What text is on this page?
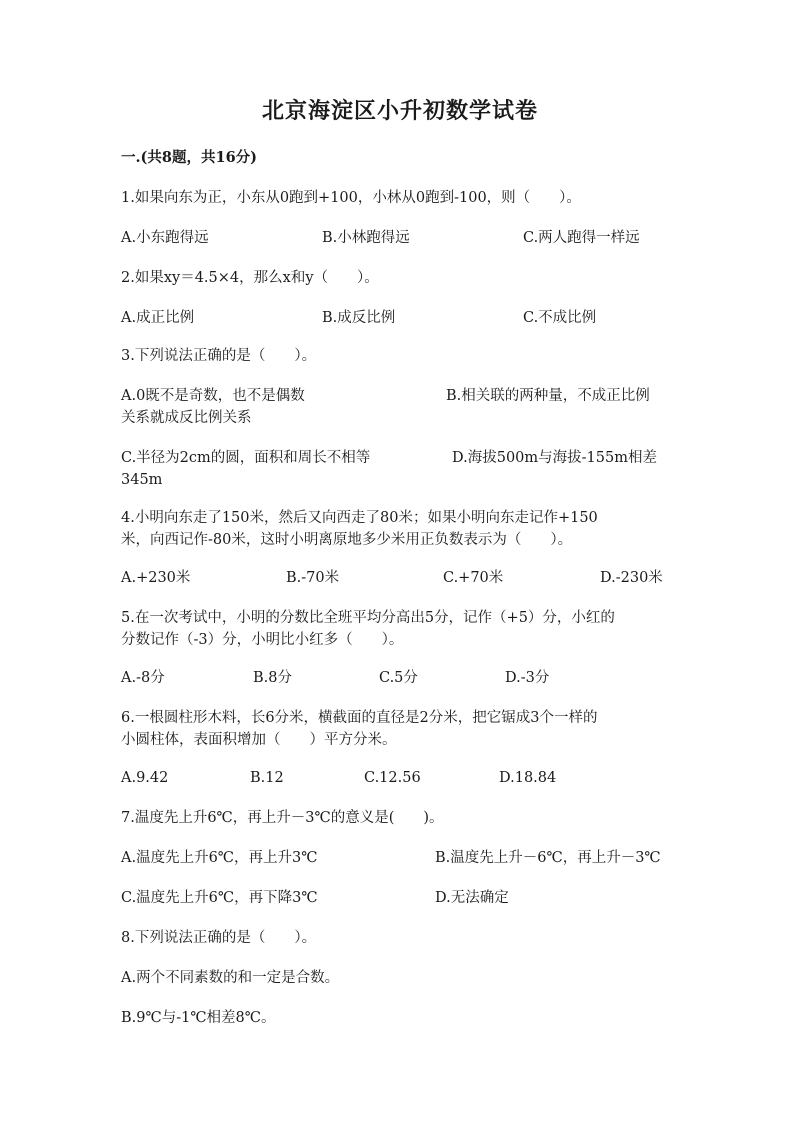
北京海淀区小升初数学试卷
一.(共8题，共16分)
1.如果向东为正，小东从0跑到+100，小林从0跑到-100，则（　　）。
A.小东跑得远	B.小林跑得远	C.两人跑得一样远
2.如果xy＝4.5×4，那么x和y（　　）。
A.成正比例	B.成反比例	C.不成比例
3.下列说法正确的是（　　）。
A.0既不是奇数，也不是偶数	B.相关联的两种量，不成正比例
关系就成反比例关系
C.半径为2cm的圆，面积和周长不相等	D.海拔500m与海拔-155m相差
345m
4.小明向东走了150米，然后又向西走了80米；如果小明向东走记作+150
米，向西记作-80米，这时小明离原地多少米用正负数表示为（　　）。
A.+230米	B.-70米	C.+70米	D.-230米
5.在一次考试中，小明的分数比全班平均分高出5分，记作（+5）分，小红的
分数记作（-3）分，小明比小红多（　　）。
A.-8分	B.8分	C.5分	D.-3分
6.一根圆柱形木料，长6分米，横截面的直径是2分米，把它锯成3个一样的
小圆柱体，表面积增加（　　）平方分米。
A.9.42	B.12	C.12.56	D.18.84
7.温度先上升6℃，再上升－3℃的意义是(　　)。
A.温度先上升6℃，再上升3℃	B.温度先上升－6℃，再上升－3℃
C.温度先上升6℃，再下降3℃	D.无法确定
8.下列说法正确的是（　　）。
A.两个不同素数的和一定是合数。
B.9℃与-1℃相差8℃。
